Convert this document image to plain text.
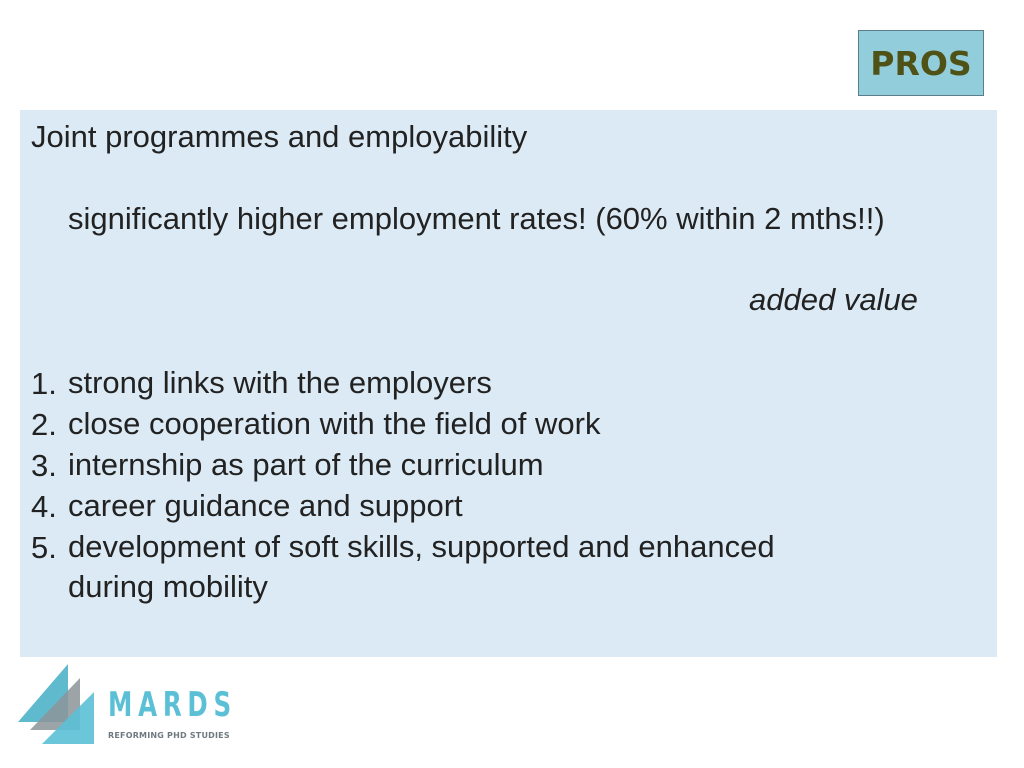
PROS

Joint programmes and employability

significantly higher employment rates! (60% within 2 mths!!)

added value

1. strong links with the employers
2. close cooperation with the field of work
3. internship as part of the curriculum
4. career guidance and support
5. development of soft skills, supported and enhanced
during mobility
MARDS
REFORMING PHD STUDIES
